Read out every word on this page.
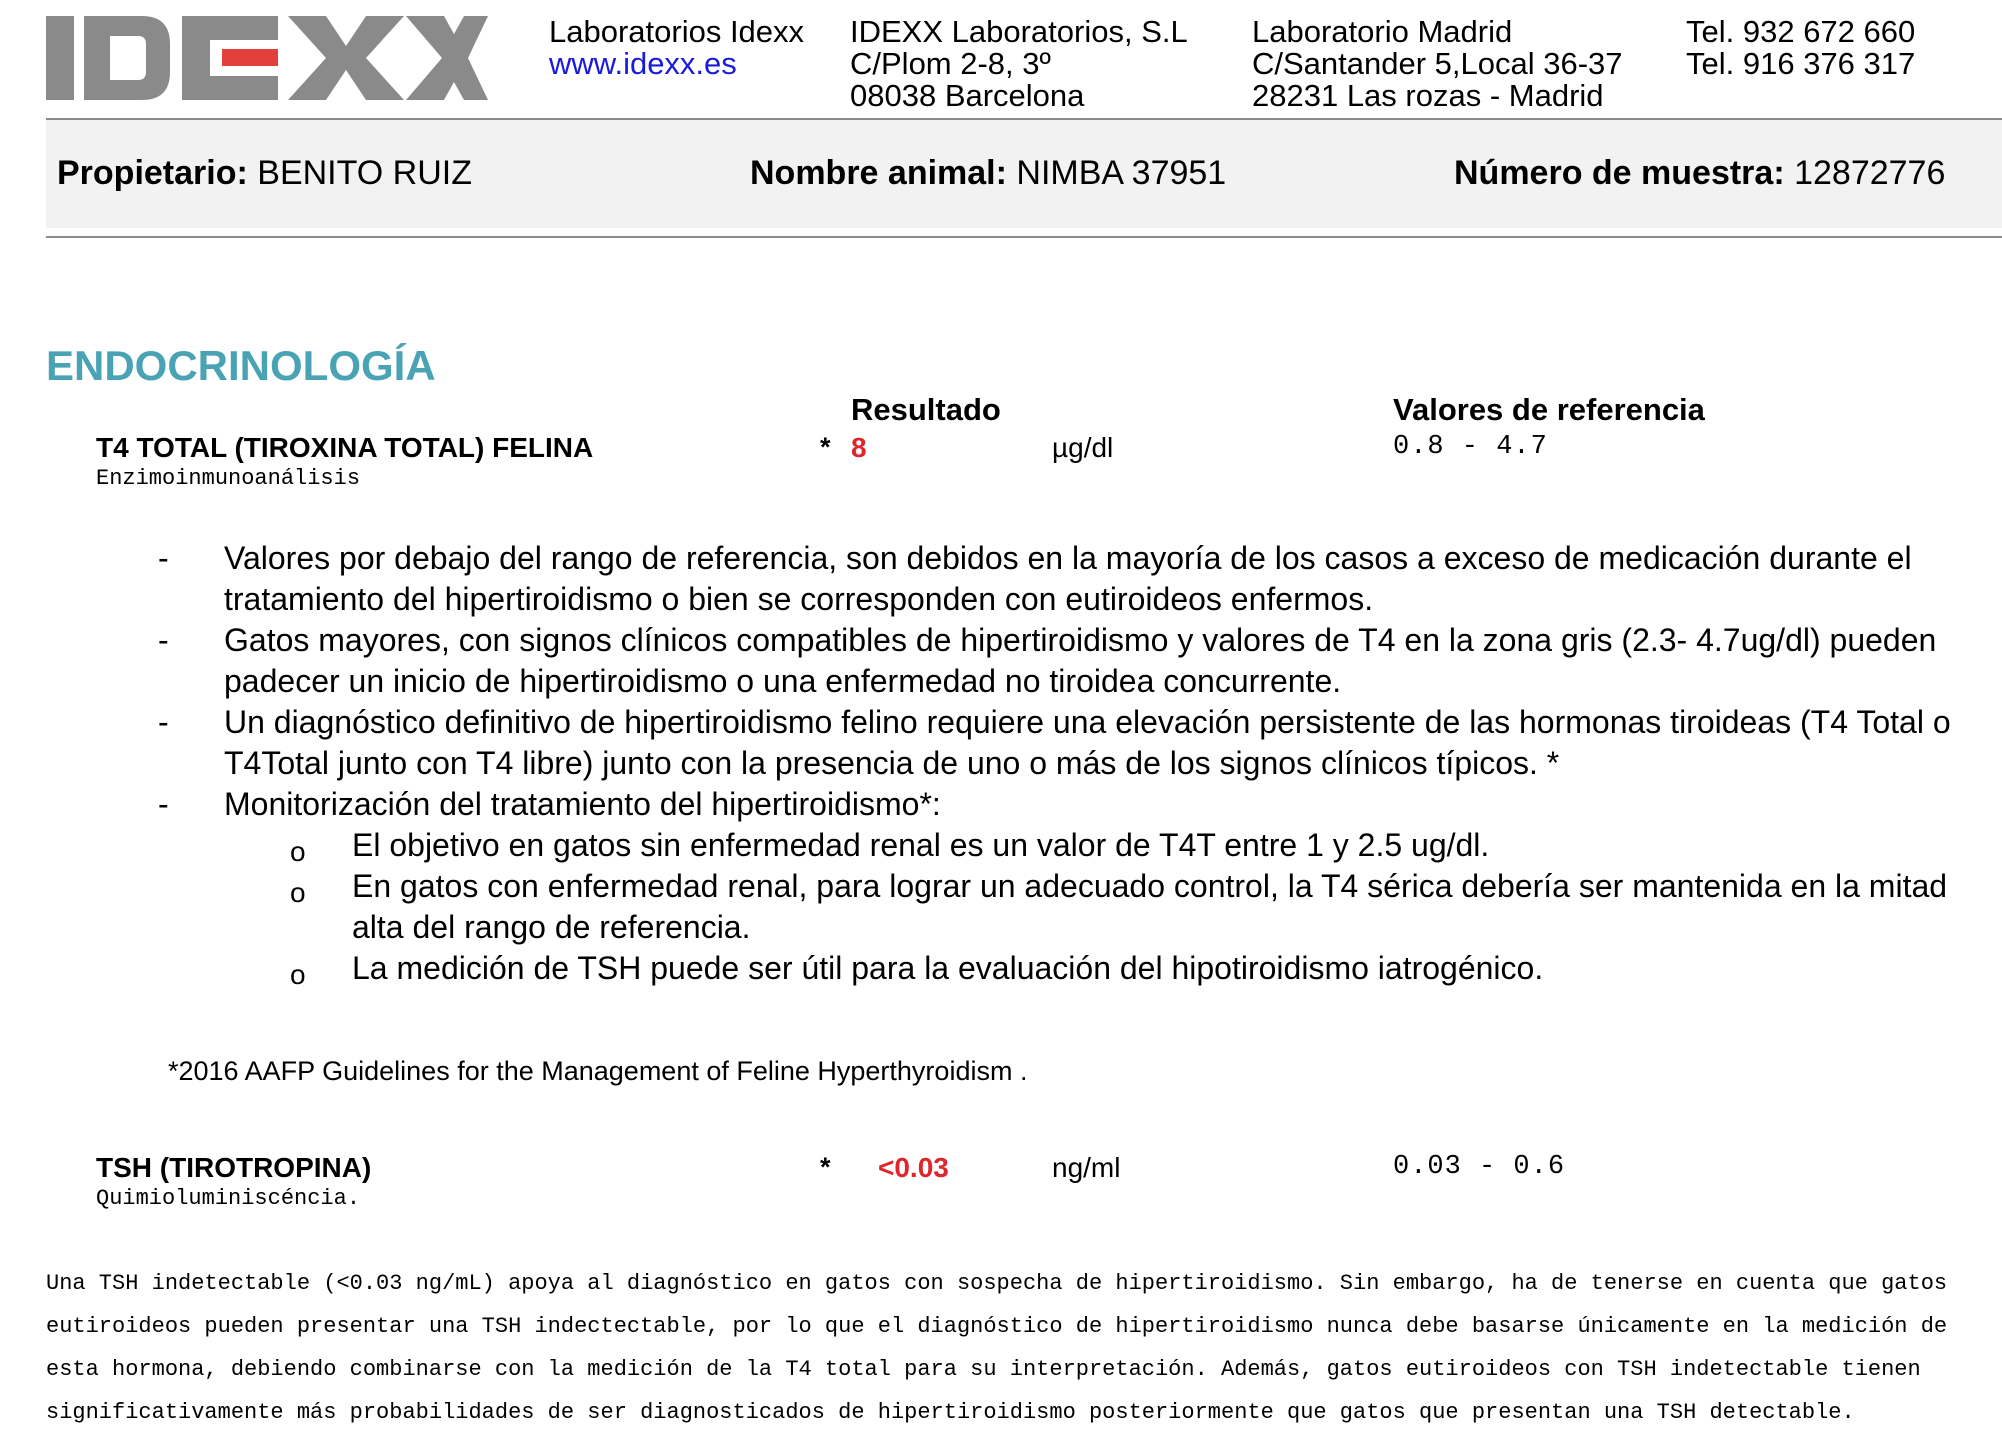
Laboratorios Idexx
www.idexx.es
IDEXX Laboratorios, S.L
C/Plom 2-8, 3º
08038 Barcelona
Laboratorio Madrid
C/Santander 5,Local 36-37
28231 Las rozas - Madrid
Tel. 932 672 660
Tel. 916 376 317
Propietario: BENITO RUIZ	Nombre animal: NIMBA 37951	Número de muestra: 12872776
ENDOCRINOLOGÍA
Resultado	Valores de referencia
T4 TOTAL (TIROXINA TOTAL) FELINA
Enzimoinmunoanálisis
* 8	µg/dl	0.8 - 4.7
- Valores por debajo del rango de referencia, son debidos en la mayoría de los casos a exceso de medicación durante el tratamiento del hipertiroidismo o bien se corresponden con eutiroideos enfermos.
- Gatos mayores, con signos clínicos compatibles de hipertiroidismo y valores de T4 en la zona gris (2.3- 4.7ug/dl) pueden padecer un inicio de hipertiroidismo o una enfermedad no tiroidea concurrente.
- Un diagnóstico definitivo de hipertiroidismo felino requiere una elevación persistente de las hormonas tiroideas (T4 Total o T4Total junto con T4 libre) junto con la presencia de uno o más de los signos clínicos típicos. *
- Monitorización del tratamiento del hipertiroidismo*:
o El objetivo en gatos sin enfermedad renal es un valor de T4T entre 1 y 2.5 ug/dl.
o En gatos con enfermedad renal, para lograr un adecuado control, la T4 sérica debería ser mantenida en la mitad alta del rango de referencia.
o La medición de TSH puede ser útil para la evaluación del hipotiroidismo iatrogénico.
*2016 AAFP Guidelines for the Management of Feline Hyperthyroidism .
TSH (TIROTROPINA)
Quimioluminiscéncia.
* <0.03	ng/ml	0.03 - 0.6
Una TSH indetectable (<0.03 ng/mL) apoya al diagnóstico en gatos con sospecha de hipertiroidismo. Sin embargo, ha de tenerse en cuenta que gatos eutiroideos pueden presentar una TSH indectectable, por lo que el diagnóstico de hipertiroidismo nunca debe basarse únicamente en la medición de esta hormona, debiendo combinarse con la medición de la T4 total para su interpretación. Además, gatos eutiroideos con TSH indetectable tienen significativamente más probabilidades de ser diagnosticados de hipertiroidismo posteriormente que gatos que presentan una TSH detectable.
